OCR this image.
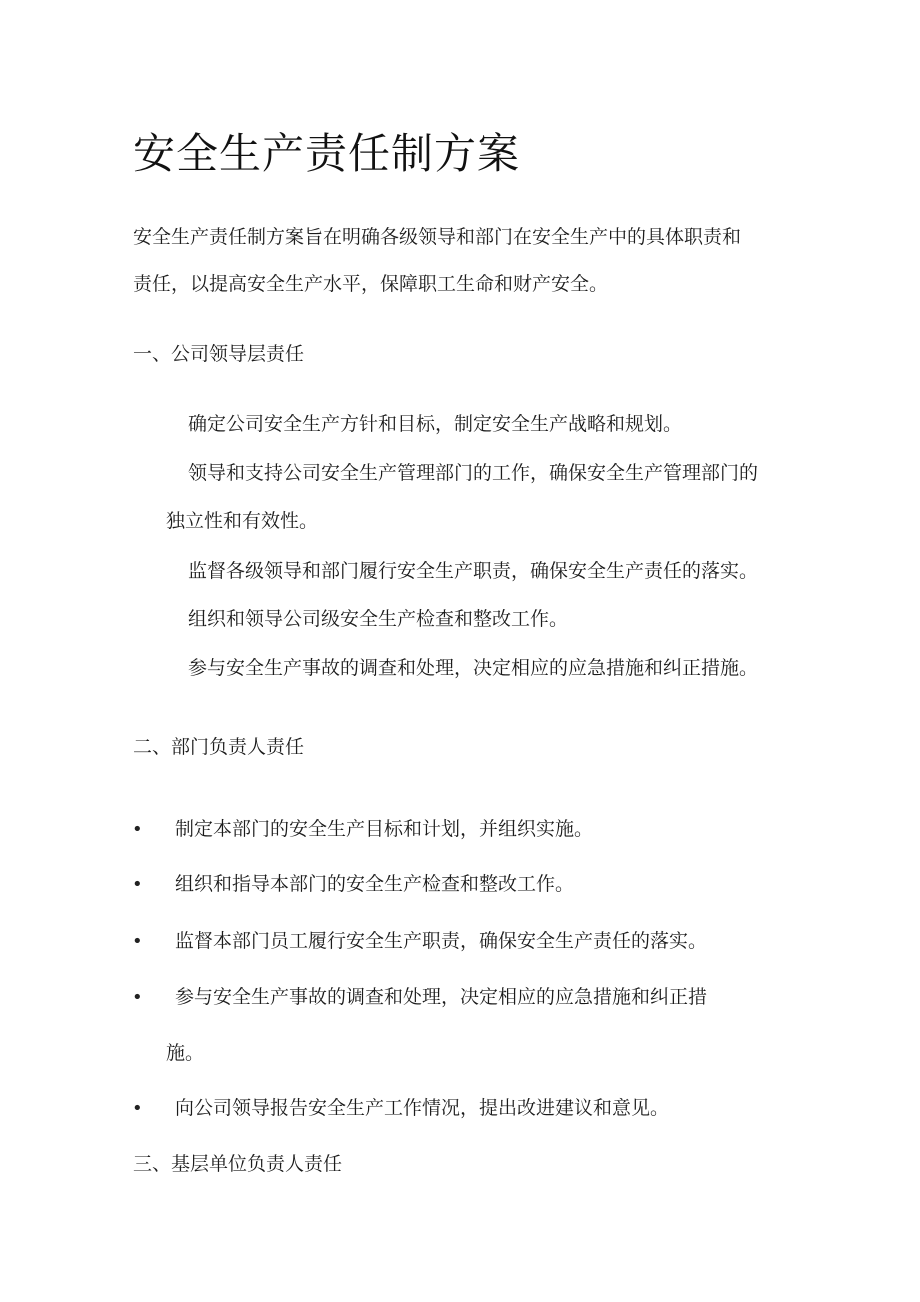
安全生产责任制方案
安全生产责任制方案旨在明确各级领导和部门在安全生产中的具体职责和
责任，以提高安全生产水平，保障职工生命和财产安全。
一、公司领导层责任
确定公司安全生产方针和目标，制定安全生产战略和规划。
领导和支持公司安全生产管理部门的工作，确保安全生产管理部门的
独立性和有效性。
监督各级领导和部门履行安全生产职责，确保安全生产责任的落实。
组织和领导公司级安全生产检查和整改工作。
参与安全生产事故的调查和处理，决定相应的应急措施和纠正措施。
二、部门负责人责任
• 制定本部门的安全生产目标和计划，并组织实施。
• 组织和指导本部门的安全生产检查和整改工作。
• 监督本部门员工履行安全生产职责，确保安全生产责任的落实。
• 参与安全生产事故的调查和处理，决定相应的应急措施和纠正措
施。
• 向公司领导报告安全生产工作情况，提出改进建议和意见。
三、基层单位负责人责任
